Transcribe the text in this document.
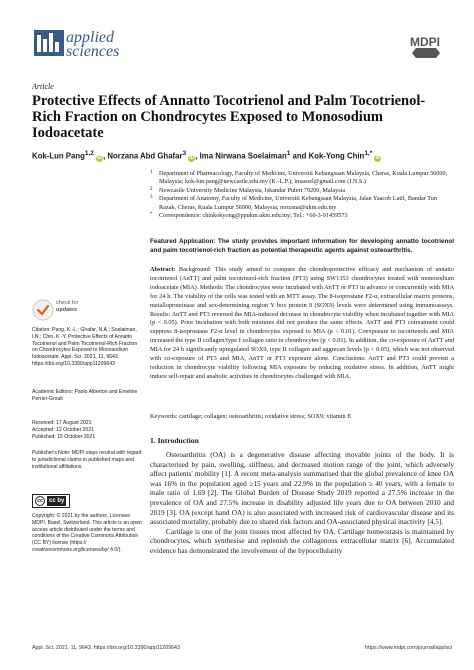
applied
sciences
MDPI
Article
Protective Effects of Annatto Tocotrienol and Palm Tocotrienol-Rich Fraction on Chondrocytes Exposed to Monosodium Iodoacetate
Kok-Lun Pang$^{1,2}$ iD, Norzana Abd Ghafar$^3$ iD, Ima Nirwana Soelaiman$^1$ and Kok-Yong Chin$^{1,*}$ iD
1 Department of Pharmacology, Faculty of Medicine, Universiti Kebangsaan Malaysia, Cheras, Kuala Lumpur 56000, Malaysia; kok-lun.pang@newcastle.edu.my (K.-L.P.); imasoel@gmail.com (I.N.S.)
2 Newcastle University Medicine Malaysia, Iskandar Puteri 79200, Malaysia
3 Department of Anatomy, Faculty of Medicine, Universiti Kebangsaan Malaysia, Jalan Yaacob Latif, Bandar Tun Razak, Cheras, Kuala Lumpur 56000, Malaysia; norzana@ukm.edu.my
* Correspondence: chinkokyong@ppukm.ukm.edu.my; Tel.: +60-3-91459573
Featured Application: The study provides important information for developing annatto tocotrienol and palm tocotrienol-rich fraction as potential therapeutic agents against osteoarthritis.
Abstract: Background: This study aimed to compare the chondroprotective efficacy and mechanism of annatto tocotrienol (AnTT) and palm tocotrienol-rich fraction (PT3) using SW1353 chondrocytes treated with monosodium iodoacetate (MIA). Methods: The chondrocytes were incubated with AnTT or PT3 in advance or concurrently with MIA for 24 h. The viability of the cells was tested with an MTT assay. The 8-isoprostane F2-α, extracellular matrix proteins, metalloproteinase and sex-determining region Y box protein 9 (SOX9) levels were determined using immunoassays. Results: AnTT and PT3 reversed the MIA-induced decrease in chondrocyte viability when incubated together with MIA (p < 0.05). Prior incubation with both mixtures did not produce the same effects. AnTT and PT3 cotreatment could suppress 8-isoprostane F2-α level in chondrocytes exposed to MIA (p < 0.01). Coexposure to tocotrienols and MIA increased the type II collagen/type I collagen ratio in chondrocytes (p < 0.01). In addition, the co-exposure of AnTT and MIA for 24 h significantly upregulated SOX9, type II collagen and aggrecan levels (p < 0.05), which was not observed with co-exposure of PT3 and MIA, AnTT or PT3 exposure alone. Conclusions: AnTT and PT3 could prevent a reduction in chondrocyte viability following MIA exposure by reducing oxidative stress. In addition, AnTT might induce self-repair and anabolic activities in chondrocytes challenged with MIA.
Keywords: cartilage; collagen; osteoarthritis; oxidative stress; SOX9; vitamin E
1. Introduction

Osteoarthritis (OA) is a degenerative disease affecting movable joints of the body. It is characterised by pain, swelling, stiffness, and decreased motion range of the joint, which adversely affect patients' mobility [1]. A recent meta-analysis summarised that the global prevalence of knee OA was 16% in the population aged ≥15 years and 22.9% in the population ≥ 40 years, with a female to male ratio of 1.69 [2]. The Global Burden of Disease Study 2019 reported a 27.5% increase in the prevalence of OA and 27.5% increase in disability adjusted life years due to OA between 2010 and 2019 [3]. OA (except hand OA) is also associated with increased risk of cardiovascular disease and its associated mortality, probably due to shared risk factors and OA-associated physical inactivity [4,5].

Cartilage is one of the joint tissues most affected by OA. Cartilage homeostasis is maintained by chondrocytes, which synthesise and replenish the collagenous extracellular matrix [6]. Accumulated evidence has demonstrated the involvement of the hypocellularity

check for
updates
Citation: Pang, K.-L.; Ghafar, N.A.; Soelaiman, I.N.; Chin, K.-Y. Protective Effects of Annatto Tocotrienol and Palm Tocotrienol-Rich Fraction on Chondrocytes Exposed to Monosodium Iodoacetate. Appl. Sci. 2021, 11, 9643. https://doi.org/10.3390/app11209643
Academic Editors: Paolo Alberton and Emeline Perrier-Groult
Received: 17 August 2021
Accepted: 12 October 2021
Published: 15 October 2021
Publisher's Note: MDPI stays neutral with regard to jurisdictional claims in published maps and institutional affiliations.
cc	cc by
Copyright: © 2021 by the authors. Licensee MDPI, Basel, Switzerland. This article is an open access article distributed under the terms and conditions of the Creative Commons Attribution (CC BY) license (https:// creativecommons.org/licenses/by/ 4.0/).
Appl. Sci. 2021, 11, 9643. https://doi.org/10.3390/app11209643	https://www.mdpi.com/journal/applsci
